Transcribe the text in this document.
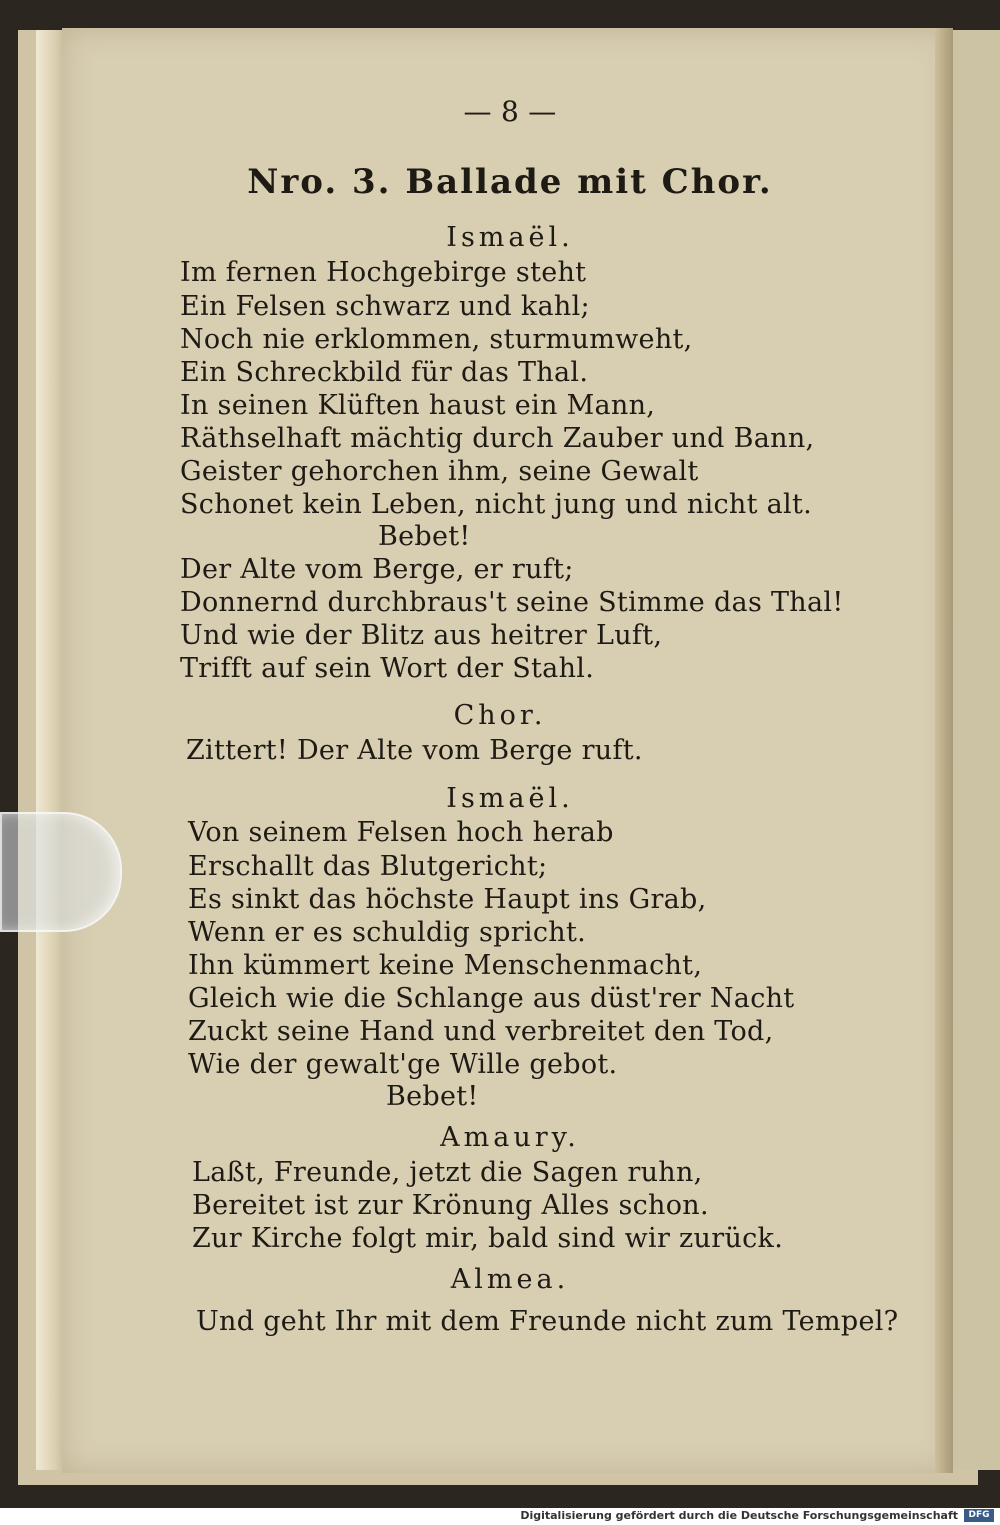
— 8 —
Nro. 3. Ballade mit Chor.
Ismaël.
Im fernen Hochgebirge steht
Ein Felsen schwarz und kahl;
Noch nie erklommen, sturmumweht,
Ein Schreckbild für das Thal.
In seinen Klüften haust ein Mann,
Räthselhaft mächtig durch Zauber und Bann,
Geister gehorchen ihm, seine Gewalt
Schonet kein Leben, nicht jung und nicht alt.
Bebet!
Der Alte vom Berge, er ruft;
Donnernd durchbraus't seine Stimme das Thal!
Und wie der Blitz aus heitrer Luft,
Trifft auf sein Wort der Stahl.
Chor.
Zittert! Der Alte vom Berge ruft.
Ismaël.
Von seinem Felsen hoch herab
Erschallt das Blutgericht;
Es sinkt das höchste Haupt ins Grab,
Wenn er es schuldig spricht.
Ihn kümmert keine Menschenmacht,
Gleich wie die Schlange aus düst'rer Nacht
Zuckt seine Hand und verbreitet den Tod,
Wie der gewalt'ge Wille gebot.
Bebet!
Amaury.
Laßt, Freunde, jetzt die Sagen ruhn,
Bereitet ist zur Krönung Alles schon.
Zur Kirche folgt mir, bald sind wir zurück.
Almea.
Und geht Ihr mit dem Freunde nicht zum Tempel?
Digitalisierung gefördert durch die Deutsche Forschungsgemeinschaft	DFG
